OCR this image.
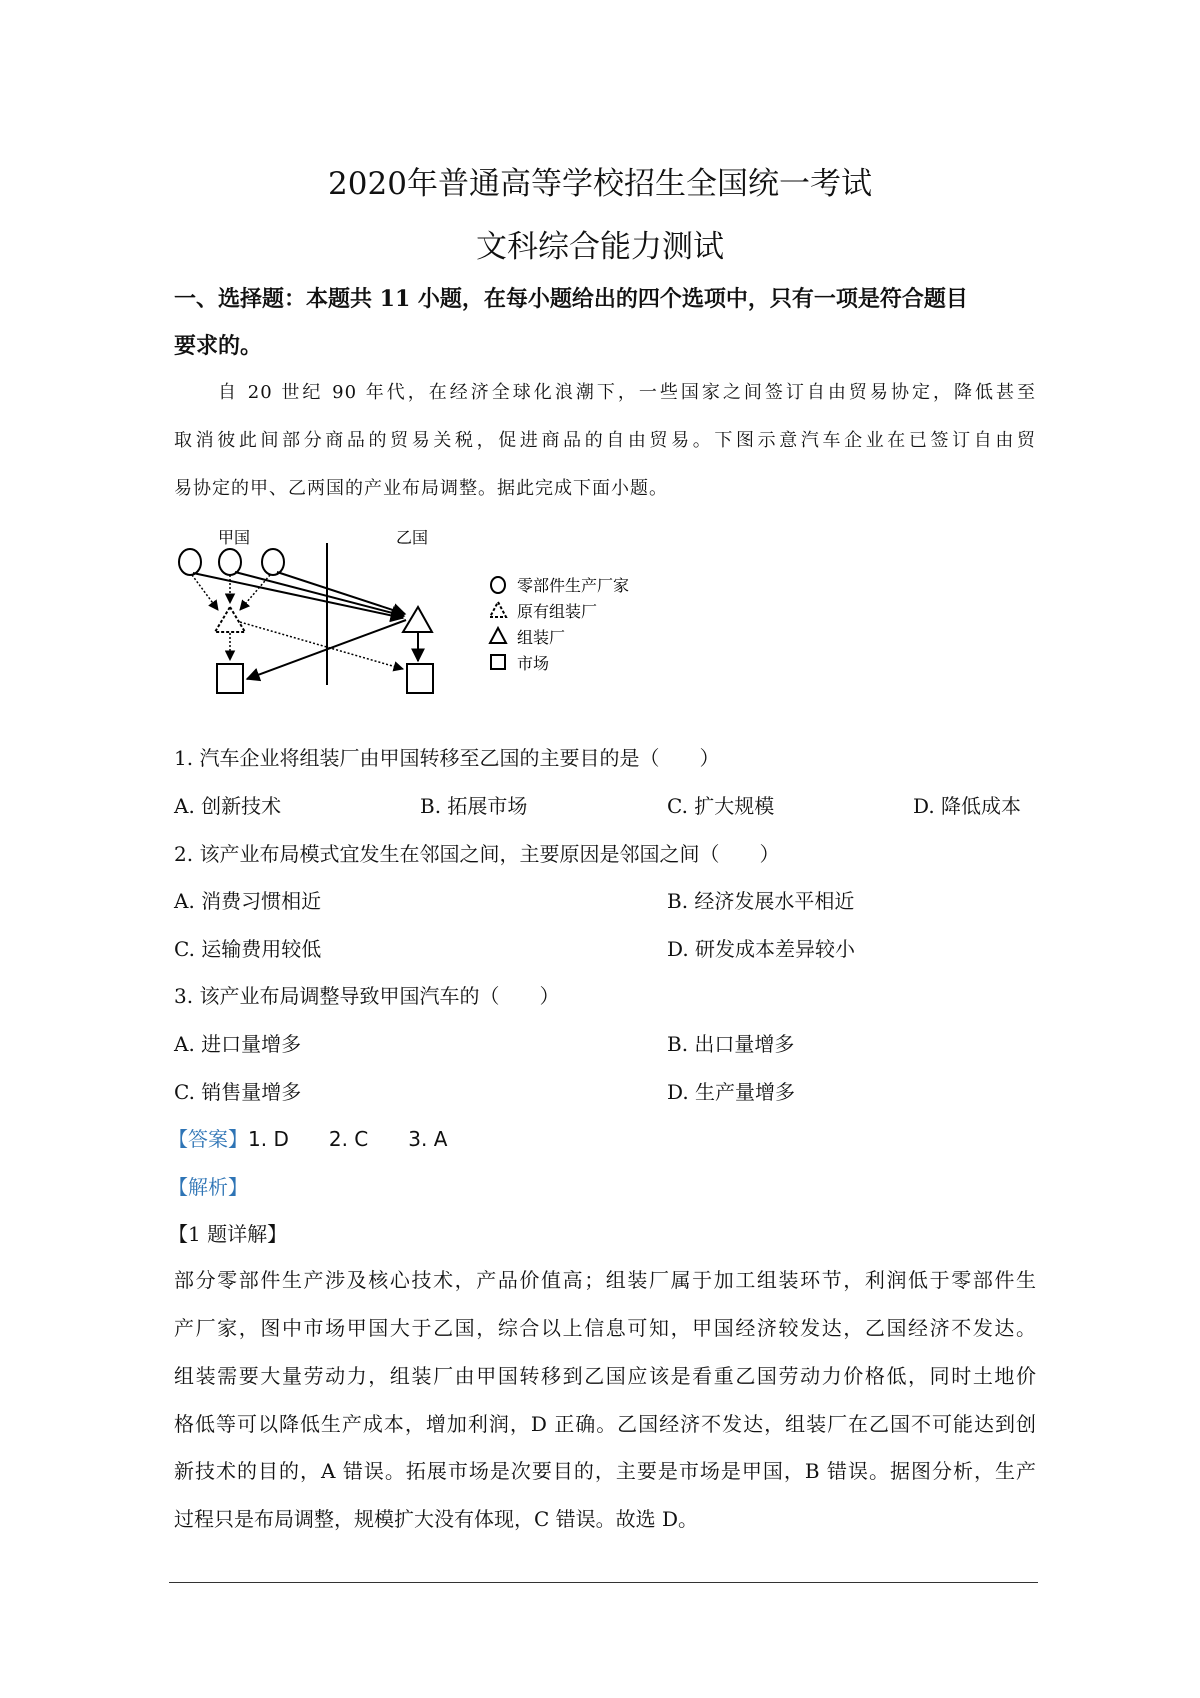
2020年普通高等学校招生全国统一考试
文科综合能力测试
一、选择题：本题共 11 小题，在每小题给出的四个选项中，只有一项是符合题目
要求的。
自 20 世纪 90 年代，在经济全球化浪潮下，一些国家之间签订自由贸易协定，降低甚至
取消彼此间部分商品的贸易关税，促进商品的自由贸易。下图示意汽车企业在已签订自由贸
易协定的甲、乙两国的产业布局调整。据此完成下面小题。
甲国	乙国
零部件生产厂家
原有组装厂
组装厂
市场
1. 汽车企业将组装厂由甲国转移至乙国的主要目的是（　　）
A. 创新技术	B. 拓展市场	C. 扩大规模	D. 降低成本
2. 该产业布局模式宜发生在邻国之间，主要原因是邻国之间（　　）
A. 消费习惯相近	B. 经济发展水平相近
C. 运输费用较低	D. 研发成本差异较小
3. 该产业布局调整导致甲国汽车的（　　）
A. 进口量增多	B. 出口量增多
C. 销售量增多	D. 生产量增多
【答案】1. D 2. C 3. A
【解析】
【1 题详解】
部分零部件生产涉及核心技术，产品价值高；组装厂属于加工组装环节，利润低于零部件生
产厂家，图中市场甲国大于乙国，综合以上信息可知，甲国经济较发达，乙国经济不发达。
组装需要大量劳动力，组装厂由甲国转移到乙国应该是看重乙国劳动力价格低，同时土地价
格低等可以降低生产成本，增加利润，D 正确。乙国经济不发达，组装厂在乙国不可能达到创
新技术的目的，A 错误。拓展市场是次要目的，主要是市场是甲国，B 错误。据图分析，生产
过程只是布局调整，规模扩大没有体现，C 错误。故选 D。
